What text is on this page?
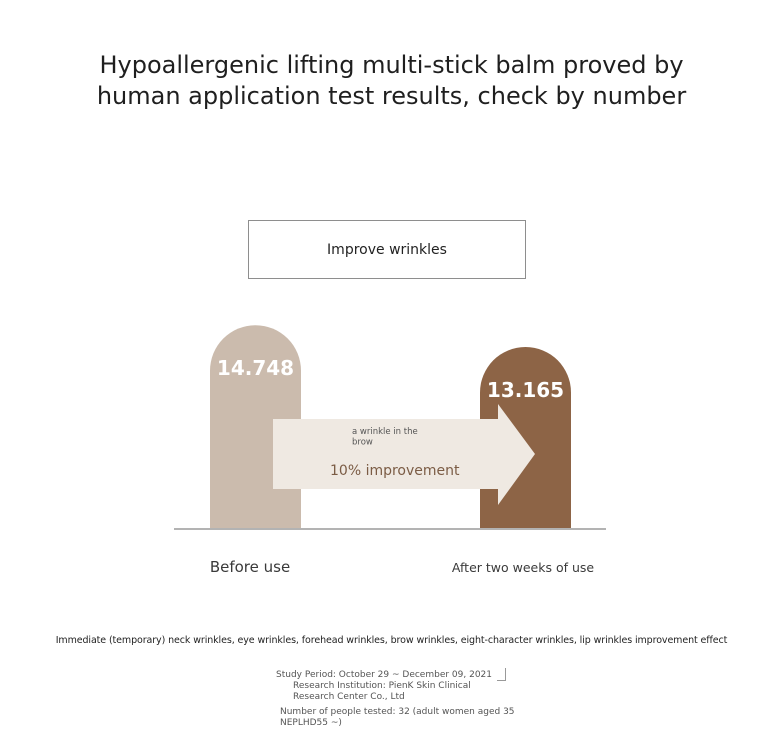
Hypoallergenic lifting multi-stick balm proved by
human application test results, check by number
Improve wrinkles
14.748
13.165
a wrinkle in the
brow
10% improvement
Before use	After two weeks of use
Immediate (temporary) neck wrinkles, eye wrinkles, forehead wrinkles, brow wrinkles, eight-character wrinkles, lip wrinkles improvement effect
Study Period: October 29 ~ December 09, 2021
Research Institution: PienK Skin Clinical
Research Center Co., Ltd
Number of people tested: 32 (adult women aged 35
NEPLHD55 ~)
